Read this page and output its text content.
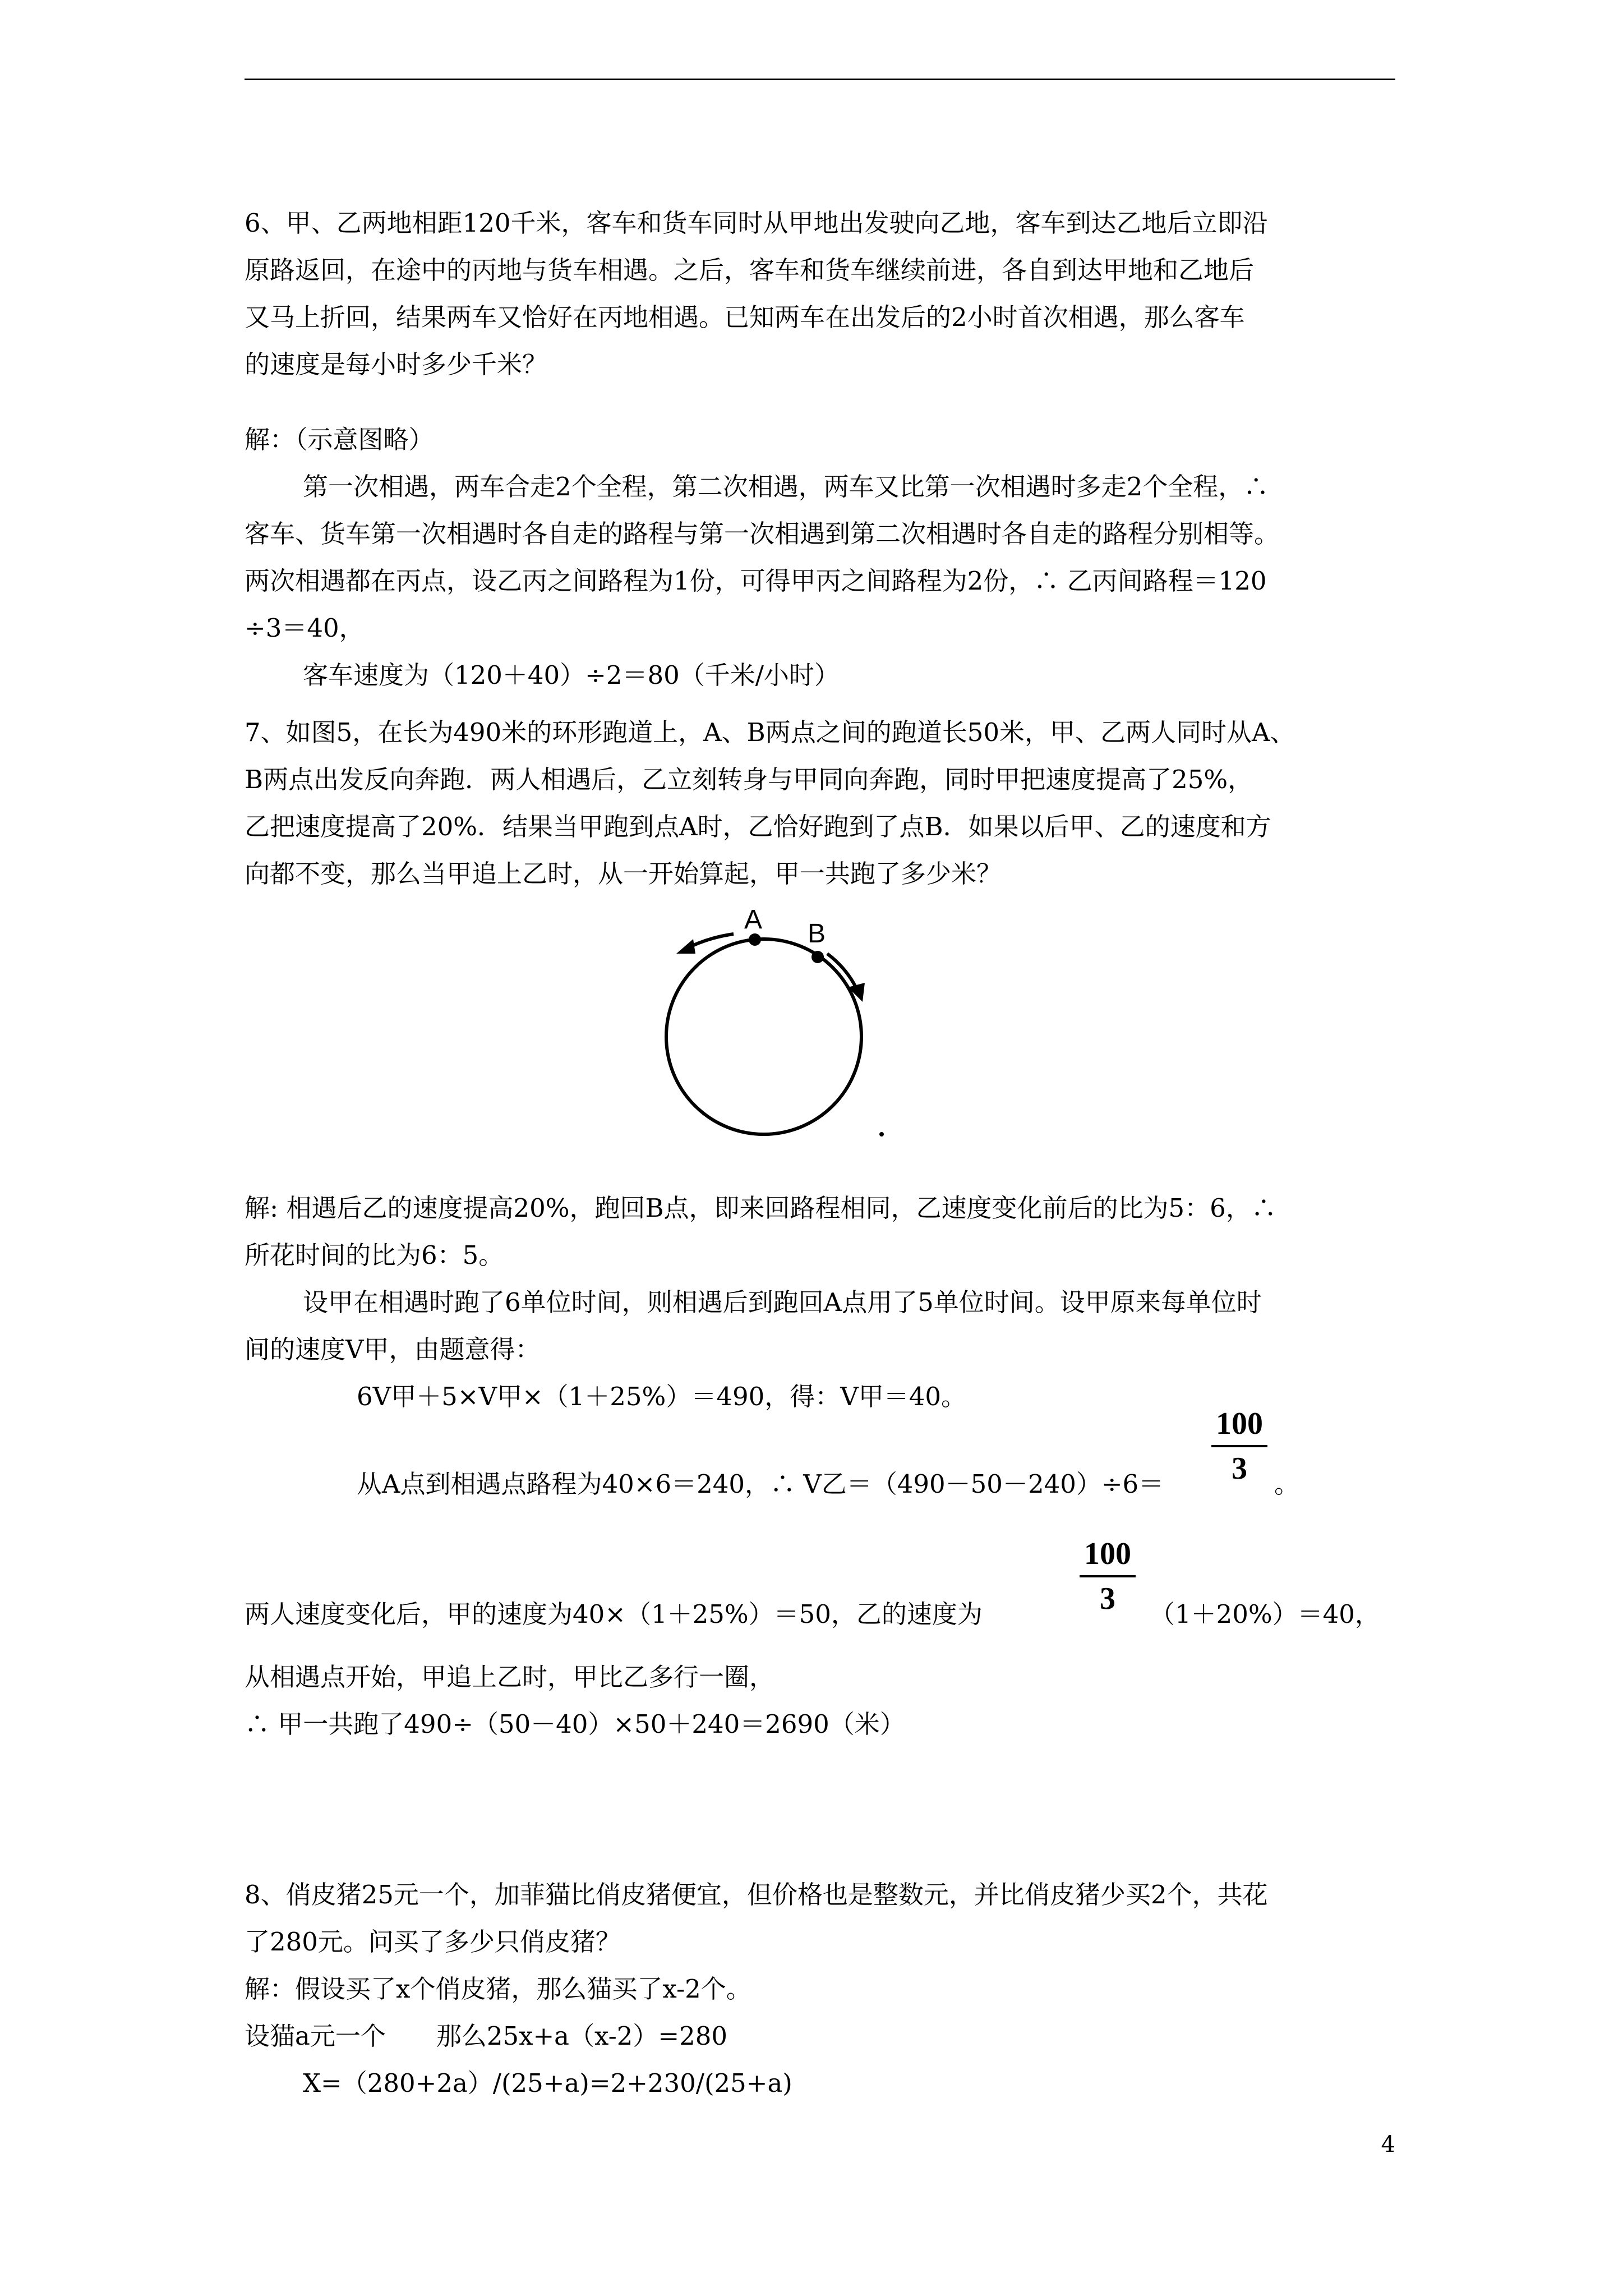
6、甲、乙两地相距120千米，客车和货车同时从甲地出发驶向乙地，客车到达乙地后立即沿
原路返回，在途中的丙地与货车相遇。之后，客车和货车继续前进，各自到达甲地和乙地后
又马上折回，结果两车又恰好在丙地相遇。已知两车在出发后的2小时首次相遇，那么客车
的速度是每小时多少千米？
解：（示意图略）
第一次相遇，两车合走2个全程，第二次相遇，两车又比第一次相遇时多走2个全程，∴
客车、货车第一次相遇时各自走的路程与第一次相遇到第二次相遇时各自走的路程分别相等。
两次相遇都在丙点，设乙丙之间路程为1份，可得甲丙之间路程为2份，∴ 乙丙间路程＝120
÷3＝40，
客车速度为（120＋40）÷2＝80（千米/小时）
7、如图5，在长为490米的环形跑道上，A、B两点之间的跑道长50米，甲、乙两人同时从A、
B两点出发反向奔跑．两人相遇后，乙立刻转身与甲同向奔跑，同时甲把速度提高了25%，
乙把速度提高了20%．结果当甲跑到点A时，乙恰好跑到了点B．如果以后甲、乙的速度和方
向都不变，那么当甲追上乙时，从一开始算起，甲一共跑了多少米？
A B
解: 相遇后乙的速度提高20%，跑回B点，即来回路程相同，乙速度变化前后的比为5：6，∴
所花时间的比为6：5。
设甲在相遇时跑了6单位时间，则相遇后到跑回A点用了5单位时间。设甲原来每单位时
间的速度V甲，由题意得：
6V甲＋5×V甲×（1＋25%）＝490，得：V甲＝40。
从A点到相遇点路程为40×6＝240，∴ V乙＝（490－50－240）÷6＝
100
3	。
两人速度变化后，甲的速度为40×（1＋25%）＝50，乙的速度为
100
3	（1＋20%）＝40，
从相遇点开始，甲追上乙时，甲比乙多行一圈，
∴ 甲一共跑了490÷（50－40）×50＋240＝2690（米）
8、俏皮猪25元一个，加菲猫比俏皮猪便宜，但价格也是整数元，并比俏皮猪少买2个，共花
了280元。问买了多少只俏皮猪？
解：假设买了x个俏皮猪，那么猫买了x-2个。
设猫a元一个　　那么25x+a（x-2）=280
X=（280+2a）/(25+a)=2+230/(25+a)
4
